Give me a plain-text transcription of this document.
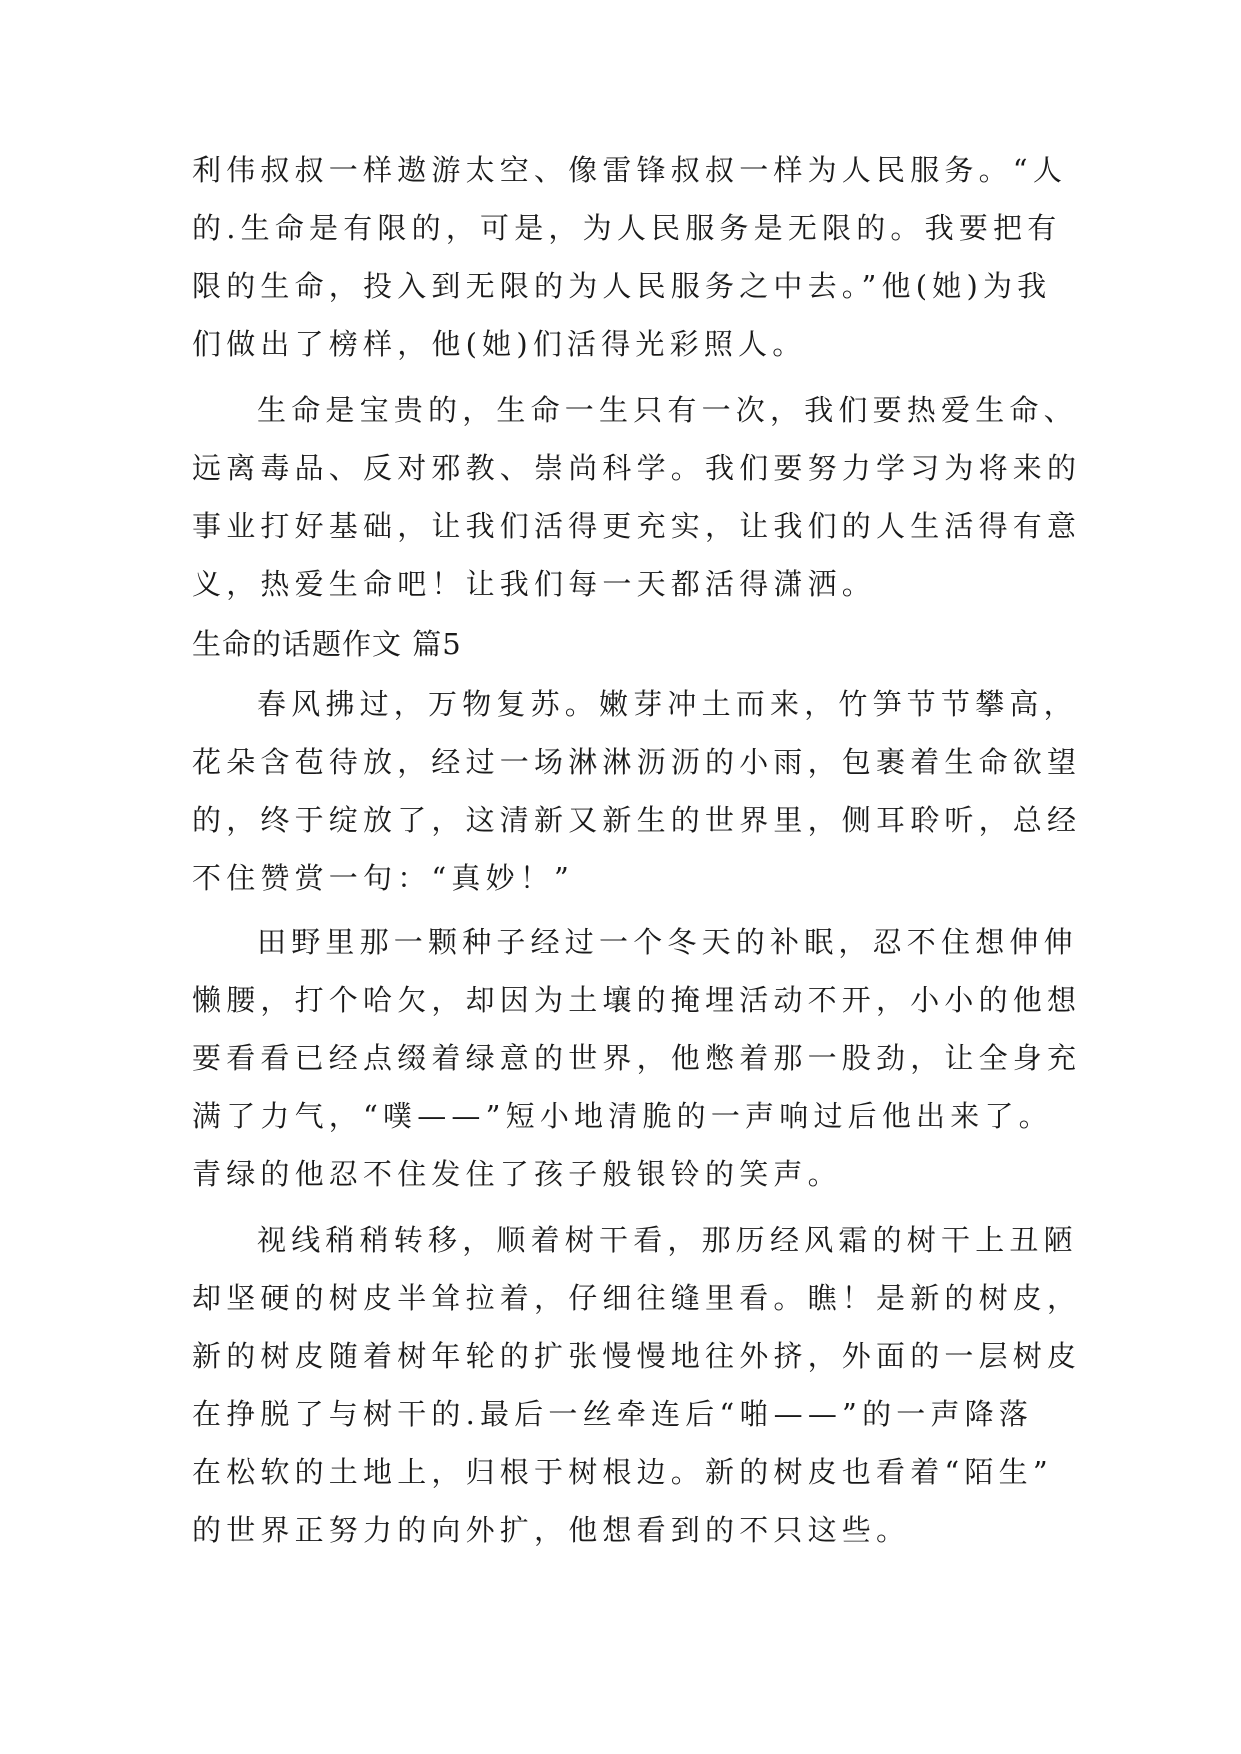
利伟叔叔一样遨游太空、像雷锋叔叔一样为人民服务。“人
的.生命是有限的，可是，为人民服务是无限的。我要把有
限的生命，投入到无限的为人民服务之中去。”他(她)为我
们做出了榜样，他(她)们活得光彩照人。
生命是宝贵的，生命一生只有一次，我们要热爱生命、
远离毒品、反对邪教、崇尚科学。我们要努力学习为将来的
事业打好基础，让我们活得更充实，让我们的人生活得有意
义，热爱生命吧！让我们每一天都活得潇洒。
生命的话题作文 篇5
春风拂过，万物复苏。嫩芽冲土而来，竹笋节节攀高，
花朵含苞待放，经过一场淋淋沥沥的小雨，包裹着生命欲望
的，终于绽放了，这清新又新生的世界里，侧耳聆听，总经
不住赞赏一句：“真妙！”
田野里那一颗种子经过一个冬天的补眠，忍不住想伸伸
懒腰，打个哈欠，却因为土壤的掩埋活动不开，小小的他想
要看看已经点缀着绿意的世界，他憋着那一股劲，让全身充
满了力气，“噗——”短小地清脆的一声响过后他出来了。
青绿的他忍不住发住了孩子般银铃的笑声。
视线稍稍转移，顺着树干看，那历经风霜的树干上丑陋
却坚硬的树皮半耸拉着，仔细往缝里看。瞧！是新的树皮，
新的树皮随着树年轮的扩张慢慢地往外挤，外面的一层树皮
在挣脱了与树干的.最后一丝牵连后“啪——”的一声降落
在松软的土地上，归根于树根边。新的树皮也看着“陌生”
的世界正努力的向外扩，他想看到的不只这些。
